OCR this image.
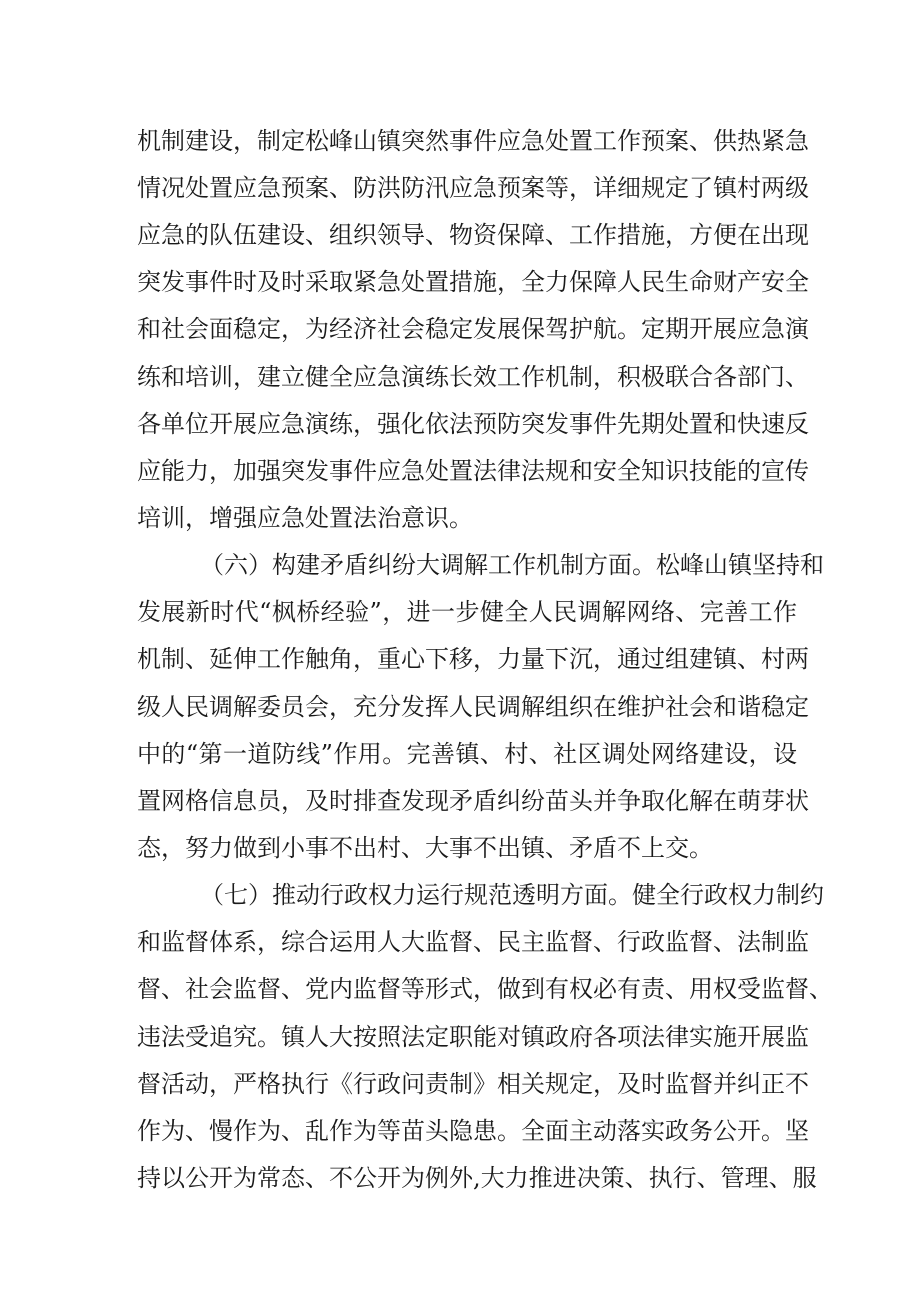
机制建设，制定松峰山镇突然事件应急处置工作预案、供热紧急
情况处置应急预案、防洪防汛应急预案等，详细规定了镇村两级
应急的队伍建设、组织领导、物资保障、工作措施，方便在出现
突发事件时及时采取紧急处置措施，全力保障人民生命财产安全
和社会面稳定，为经济社会稳定发展保驾护航。定期开展应急演
练和培训，建立健全应急演练长效工作机制，积极联合各部门、
各单位开展应急演练，强化依法预防突发事件先期处置和快速反
应能力，加强突发事件应急处置法律法规和安全知识技能的宣传
培训，增强应急处置法治意识。
（六）构建矛盾纠纷大调解工作机制方面。松峰山镇坚持和
发展新时代“枫桥经验”，进一步健全人民调解网络、完善工作
机制、延伸工作触角，重心下移，力量下沉，通过组建镇、村两
级人民调解委员会，充分发挥人民调解组织在维护社会和谐稳定
中的“第一道防线”作用。完善镇、村、社区调处网络建设，设
置网格信息员，及时排查发现矛盾纠纷苗头并争取化解在萌芽状
态，努力做到小事不出村、大事不出镇、矛盾不上交。
（七）推动行政权力运行规范透明方面。健全行政权力制约
和监督体系，综合运用人大监督、民主监督、行政监督、法制监
督、社会监督、党内监督等形式，做到有权必有责、用权受监督、
违法受追究。镇人大按照法定职能对镇政府各项法律实施开展监
督活动，严格执行《行政问责制》相关规定，及时监督并纠正不
作为、慢作为、乱作为等苗头隐患。全面主动落实政务公开。坚
持以公开为常态、不公开为例外,大力推进决策、执行、管理、服
